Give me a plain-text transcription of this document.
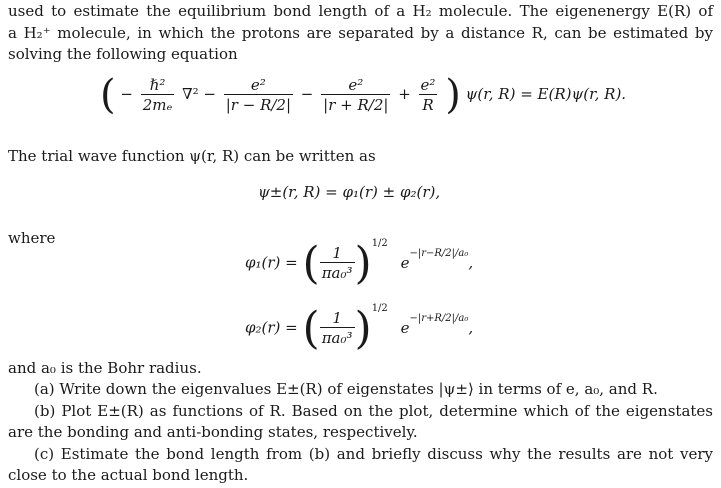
used to estimate the equilibrium bond length of a H₂ molecule. The eigenenergy E(R) of
a H₂⁺ molecule, in which the protons are separated by a distance R, can be estimated by
solving the following equation
( − $\frac{\text{ℏ²}}{\text{2mₑ}} \nabla^2 - \frac{\text{e²}}{|r - R/2|} - \frac{\text{e²}}{|r + R/2|} + \frac{\text{e²}}{R}$ ) ψ(r, R) = E(R)ψ(r, R).
The trial wave function ψ(r, R) can be written as
ψ±(r, R) = φ₁(r) ± φ₂(r),
where
φ₁(r) = ( $\frac{1}{\text{πa₀³}} )^{1/2}$ $e^{-|r-R/2|/a_0}$,
φ₂(r) = ( $\frac{1}{\text{πa₀³}} )^{1/2}$ $e^{-|r+R/2|/a_0}$,
and a₀ is the Bohr radius.
(a) Write down the eigenvalues E±(R) of eigenstates |ψ±⟩ in terms of e, a₀, and R.
(b) Plot E±(R) as functions of R. Based on the plot, determine which of the eigenstates
are the bonding and anti-bonding states, respectively.
(c) Estimate the bond length from (b) and briefly discuss why the results are not very
close to the actual bond length.
